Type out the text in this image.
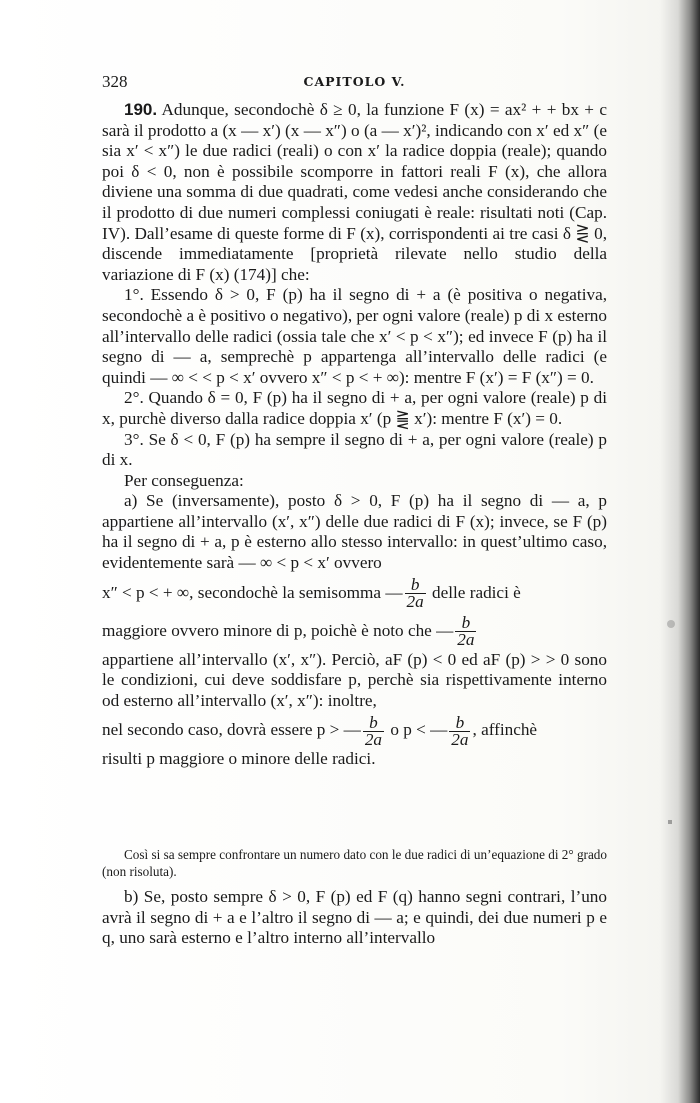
328	CAPITOLO V.

190. Adunque, secondochè δ ≥ 0, la funzione F (x) = ax² + + bx + c sarà il prodotto a (x — x′) (x — x″) o (a — x′)², indicando con x′ ed x″ (e sia x′ < x″) le due radici (reali) o con x′ la radice doppia (reale); quando poi δ < 0, non è possibile scomporre in fattori reali F (x), che allora diviene una somma di due quadrati, come vedesi anche considerando che il prodotto di due numeri complessi coniugati è reale: risultati noti (Cap. IV). Dall’esame di queste forme di F (x), corrispondenti ai tre casi δ ⋛ 0, discende immediatamente [proprietà rilevate nello studio della variazione di F (x) (174)] che:

1°. Essendo δ > 0, F (p) ha il segno di + a (è positiva o negativa, secondochè a è positivo o negativo), per ogni valore (reale) p di x esterno all’intervallo delle radici (ossia tale che x′ < p < x″); ed invece F (p) ha il segno di — a, semprechè p appartenga all’intervallo delle radici (e quindi — ∞ < < p < x′ ovvero x″ < p < + ∞): mentre F (x′) = F (x″) = 0.

2°. Quando δ = 0, F (p) ha il segno di + a, per ogni valore (reale) p di x, purchè diverso dalla radice doppia x′ (p ⪌ x′): mentre F (x′) = 0.

3°. Se δ < 0, F (p) ha sempre il segno di + a, per ogni valore (reale) p di x.

Per conseguenza:

a) Se (inversamente), posto δ > 0, F (p) ha il segno di — a, p appartiene all’intervallo (x′, x″) delle due radici di F (x); invece, se F (p) ha il segno di + a, p è esterno allo stesso intervallo: in quest’ultimo caso, evidentemente sarà — ∞ < p < x′ ovvero

x″ < p < + ∞, secondochè la semisomma — $\frac{b}{2a}$ delle radici è

maggiore ovvero minore di p, poichè è noto che — $\frac{b}{2a}$

appartiene all’intervallo (x′, x″). Perciò, aF (p) < 0 ed aF (p) > > 0 sono le condizioni, cui deve soddisfare p, perchè sia rispettivamente interno od esterno all’intervallo (x′, x″): inoltre,

nel secondo caso, dovrà essere p > — $\frac{b}{2a}$ o p < — $\frac{b}{2a}$ , affinchè

risulti p maggiore o minore delle radici.

Così si sa sempre confrontare un numero dato con le due radici di un’equazione di 2° grado (non risoluta).

b) Se, posto sempre δ > 0, F (p) ed F (q) hanno segni contrari, l’uno avrà il segno di + a e l’altro il segno di — a; e quindi, dei due numeri p e q, uno sarà esterno e l’altro interno all’intervallo
